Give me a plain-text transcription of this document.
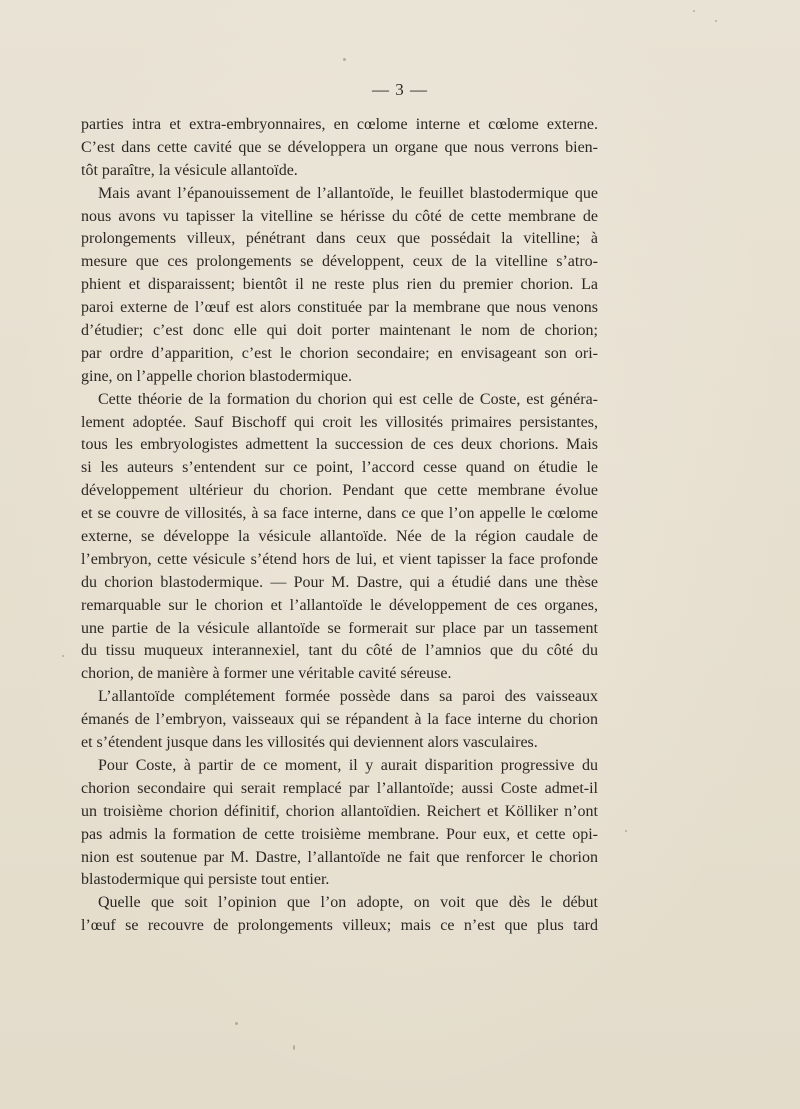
— 3 —
parties intra et extra-embryonnaires, en cœlome interne et cœlome externe.
C’est dans cette cavité que se développera un organe que nous verrons bien-
tôt paraître, la vésicule allantoïde.
Mais avant l’épanouissement de l’allantoïde, le feuillet blastodermique que
nous avons vu tapisser la vitelline se hérisse du côté de cette membrane de
prolongements villeux, pénétrant dans ceux que possédait la vitelline; à
mesure que ces prolongements se développent, ceux de la vitelline s’atro-
phient et disparaissent; bientôt il ne reste plus rien du premier chorion. La
paroi externe de l’œuf est alors constituée par la membrane que nous venons
d’étudier; c’est donc elle qui doit porter maintenant le nom de chorion;
par ordre d’apparition, c’est le chorion secondaire; en envisageant son ori-
gine, on l’appelle chorion blastodermique.
Cette théorie de la formation du chorion qui est celle de Coste, est généra-
lement adoptée. Sauf Bischoff qui croit les villosités primaires persistantes,
tous les embryologistes admettent la succession de ces deux chorions. Mais
si les auteurs s’entendent sur ce point, l’accord cesse quand on étudie le
développement ultérieur du chorion. Pendant que cette membrane évolue
et se couvre de villosités, à sa face interne, dans ce que l’on appelle le cœlome
externe, se développe la vésicule allantoïde. Née de la région caudale de
l’embryon, cette vésicule s’étend hors de lui, et vient tapisser la face profonde
du chorion blastodermique. — Pour M. Dastre, qui a étudié dans une thèse
remarquable sur le chorion et l’allantoïde le développement de ces organes,
une partie de la vésicule allantoïde se formerait sur place par un tassement
du tissu muqueux interannexiel, tant du côté de l’amnios que du côté du
chorion, de manière à former une véritable cavité séreuse.
L’allantoïde complétement formée possède dans sa paroi des vaisseaux
émanés de l’embryon, vaisseaux qui se répandent à la face interne du chorion
et s’étendent jusque dans les villosités qui deviennent alors vasculaires.
Pour Coste, à partir de ce moment, il y aurait disparition progressive du
chorion secondaire qui serait remplacé par l’allantoïde; aussi Coste admet-il
un troisième chorion définitif, chorion allantoïdien. Reichert et Kölliker n’ont
pas admis la formation de cette troisième membrane. Pour eux, et cette opi-
nion est soutenue par M. Dastre, l’allantoïde ne fait que renforcer le chorion
blastodermique qui persiste tout entier.
Quelle que soit l’opinion que l’on adopte, on voit que dès le début
l’œuf se recouvre de prolongements villeux; mais ce n’est que plus tard
